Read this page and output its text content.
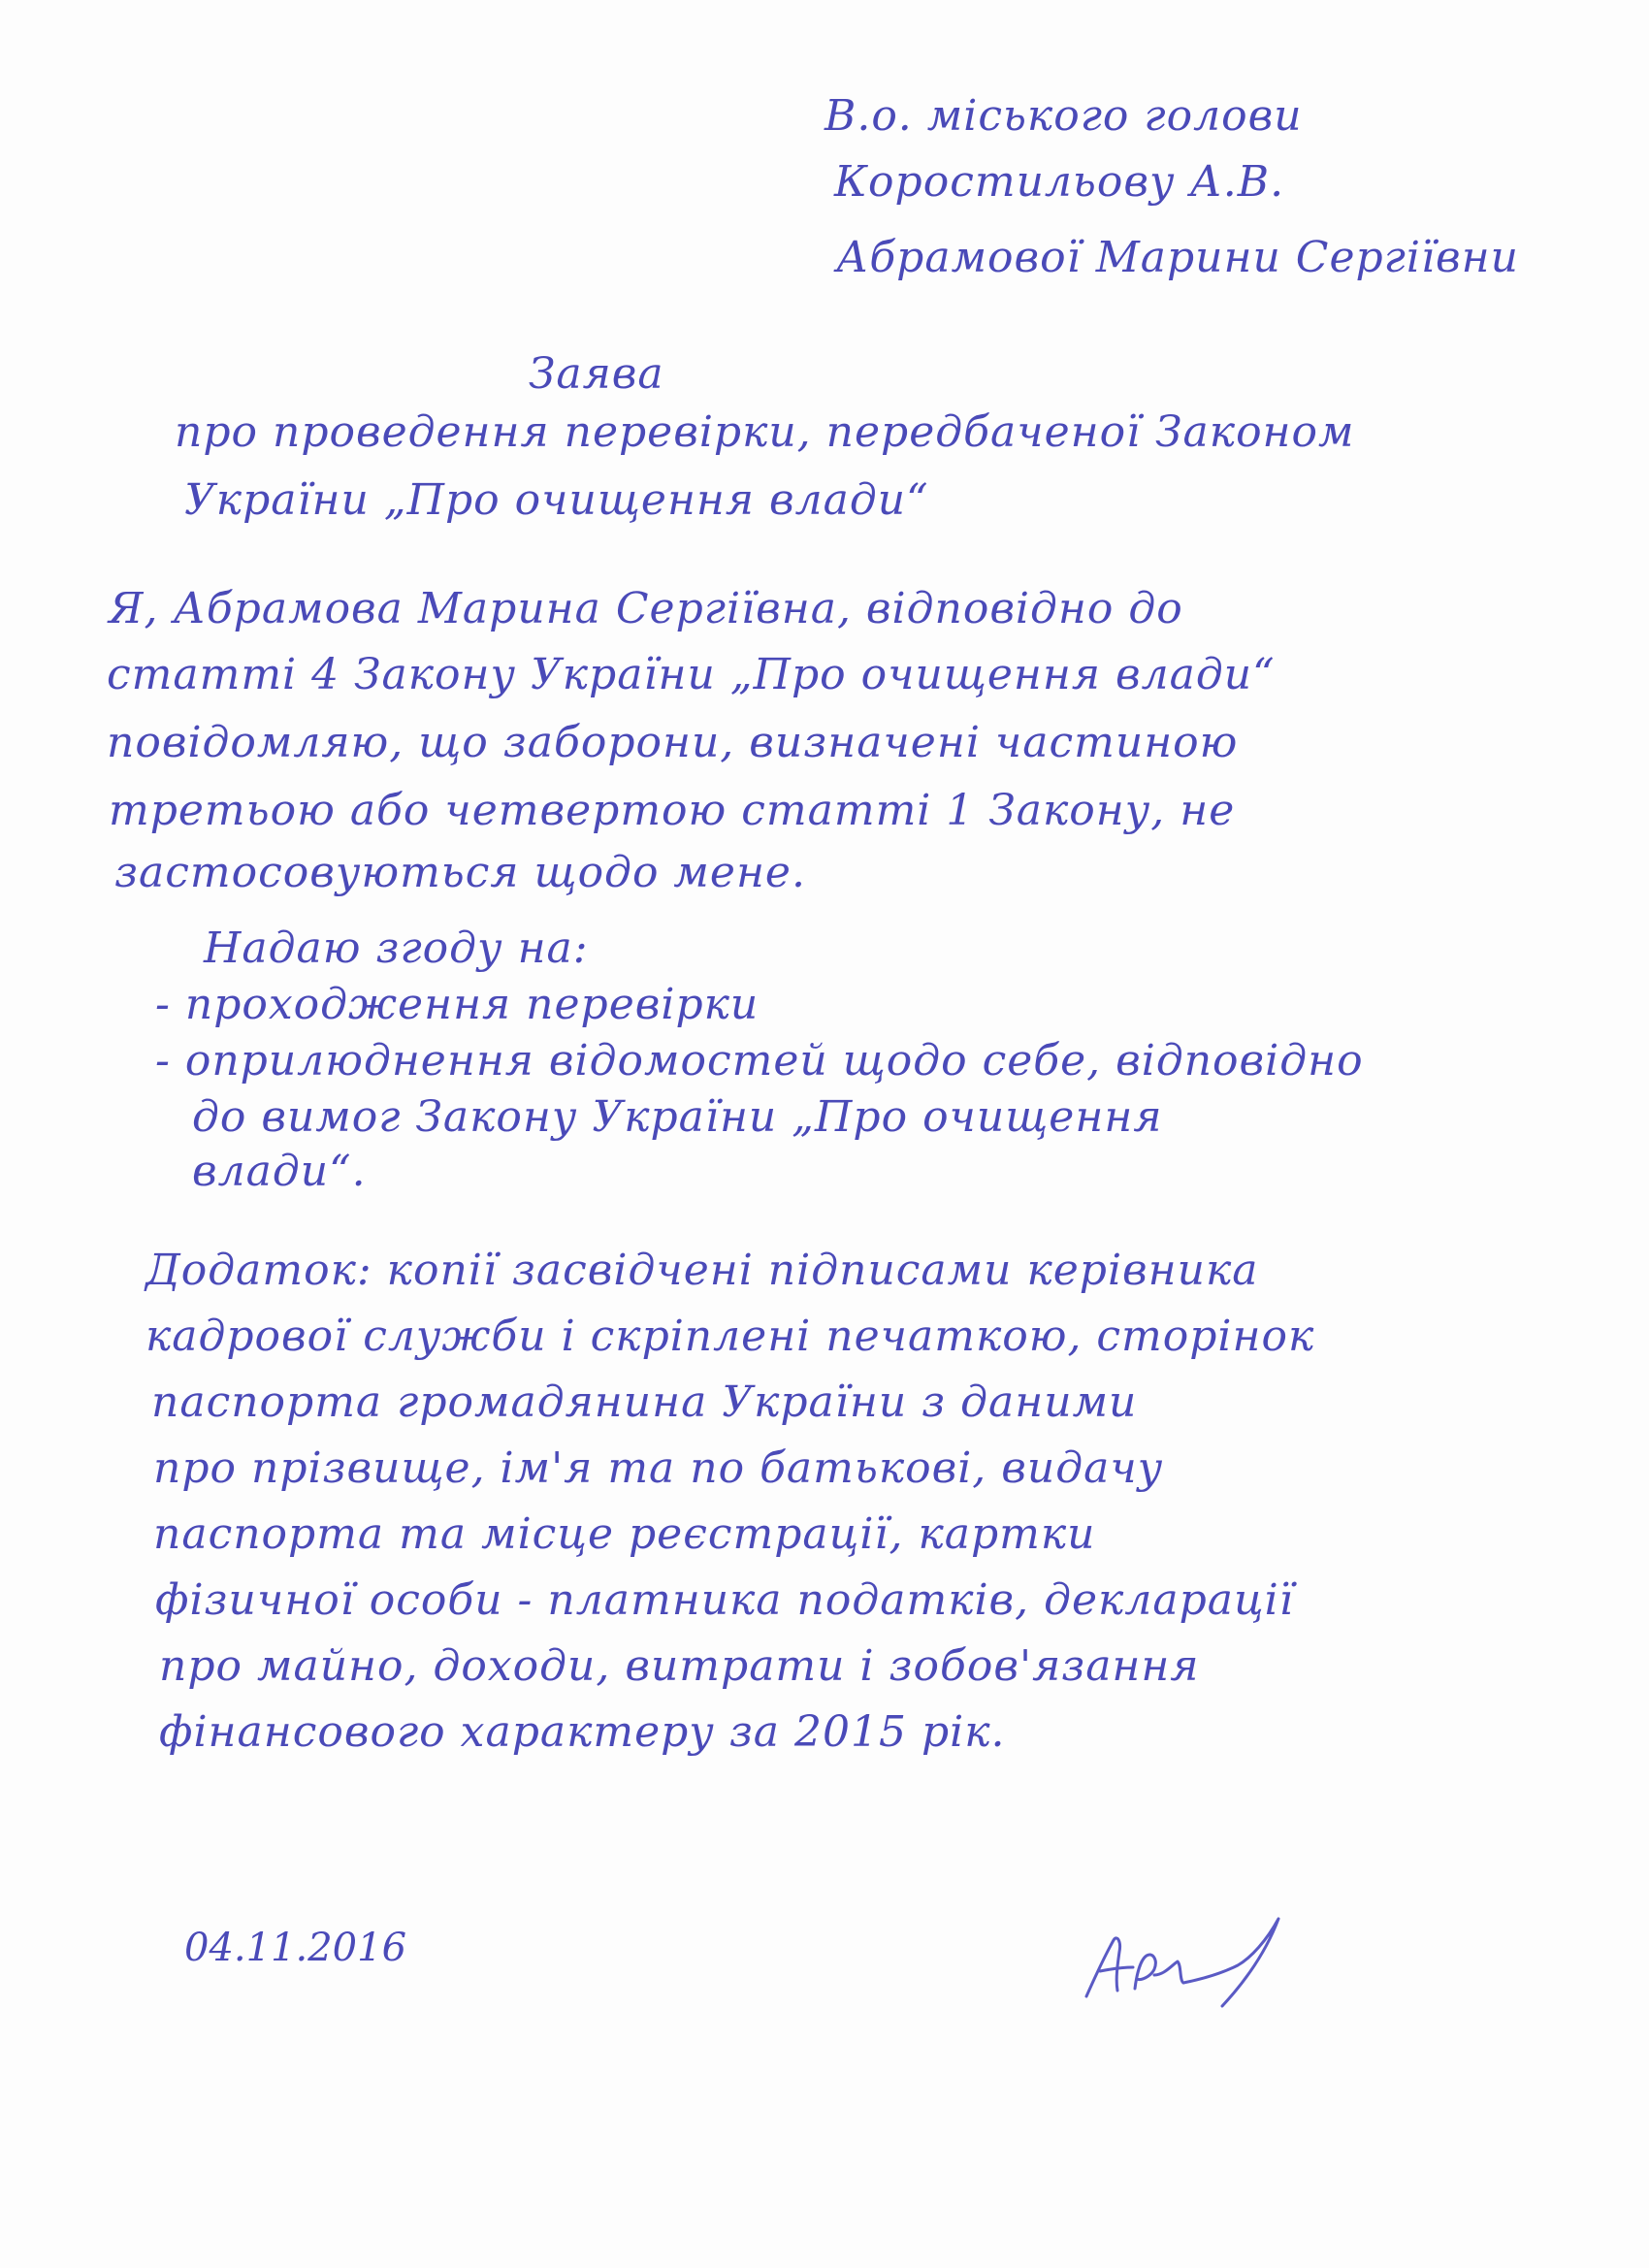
В.о. міського голови
Коростильову А.В.
Абрамової Марини Сергіївни
Заява
про проведення перевірки, передбаченої Законом
України „Про очищення влади“
Я, Абрамова Марина Сергіївна, відповідно до
статті 4 Закону України „Про очищення влади“
повідомляю, що заборони, визначені частиною
третьою або четвертою статті 1 Закону, не
застосовуються щодо мене.
Надаю згоду на:
- проходження перевірки
- оприлюднення відомостей щодо себе, відповідно
до вимог Закону України „Про очищення
влади“.
Додаток: копії засвідчені підписами керівника
кадрової служби і скріплені печаткою, сторінок
паспорта громадянина України з даними
про прізвище, ім'я та по батькові, видачу
паспорта та місце реєстрації, картки
фізичної особи - платника податків, декларації
про майно, доходи, витрати і зобов'язання
фінансового характеру за 2015 рік.
04.11.2016
